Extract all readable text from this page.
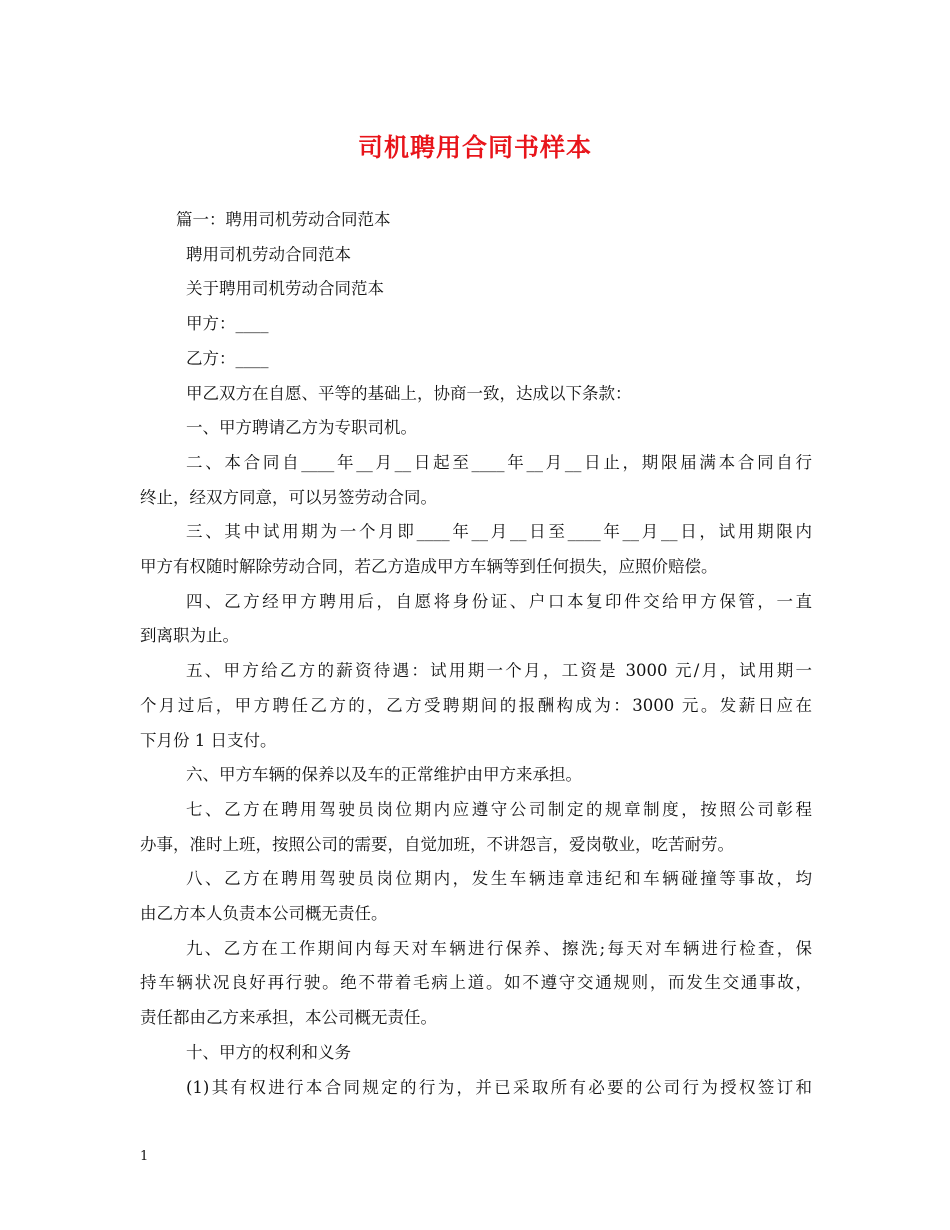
司机聘用合同书样本
篇一：聘用司机劳动合同范本
聘用司机劳动合同范本
关于聘用司机劳动合同范本
甲方：____
乙方：____
甲乙双方在自愿、平等的基础上，协商一致，达成以下条款：
一、甲方聘请乙方为专职司机。
二、本合同自____年__月__日起至____年__月__日止，期限届满本合同自行
终止，经双方同意，可以另签劳动合同。
三、其中试用期为一个月即____年__月__日至____年__月__日，试用期限内
甲方有权随时解除劳动合同，若乙方造成甲方车辆等到任何损失，应照价赔偿。
四、乙方经甲方聘用后，自愿将身份证、户口本复印件交给甲方保管，一直
到离职为止。
五、甲方给乙方的薪资待遇：试用期一个月，工资是 3000 元/月，试用期一
个月过后，甲方聘任乙方的，乙方受聘期间的报酬构成为：3000 元。发薪日应在
下月份 1 日支付。
六、甲方车辆的保养以及车的正常维护由甲方来承担。
七、乙方在聘用驾驶员岗位期内应遵守公司制定的规章制度，按照公司彰程
办事，准时上班，按照公司的需要，自觉加班，不讲怨言，爱岗敬业，吃苦耐劳。
八、乙方在聘用驾驶员岗位期内，发生车辆违章违纪和车辆碰撞等事故，均
由乙方本人负责本公司概无责任。
九、乙方在工作期间内每天对车辆进行保养、擦洗;每天对车辆进行检查，保
持车辆状况良好再行驶。绝不带着毛病上道。如不遵守交通规则，而发生交通事故，
责任都由乙方来承担，本公司概无责任。
十、甲方的权利和义务
(1)其有权进行本合同规定的行为，并已采取所有必要的公司行为授权签订和
1
